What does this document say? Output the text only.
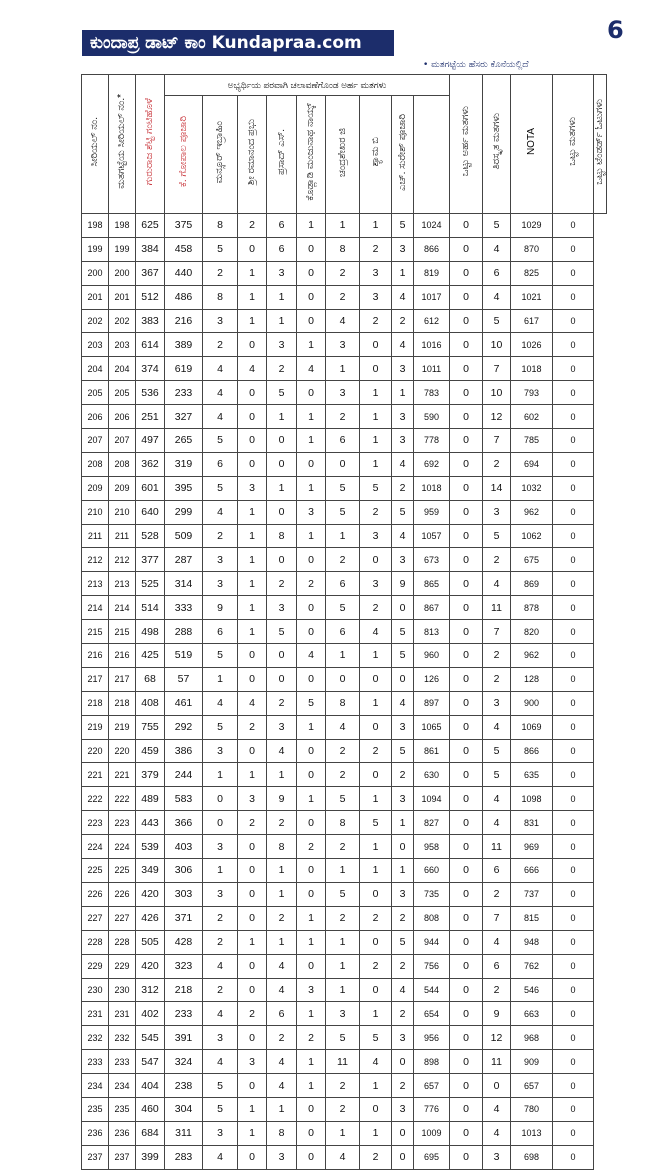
ಕುಂದಾಪ್ರ ಡಾಟ್ ಕಾಂ Kundapraa.com	6
• ಮತಗಟ್ಟೆಯ ಹೆಸರು ಕೊನೆಯಲ್ಲಿದೆ
ಸೀರಿಯಲ್ ನಂ.	ಮತಗಟ್ಟೆಯ ಸೀರಿಯಲ್ ನಂ.*	ಗುರುರಾಜ ಶೆಟ್ಟಿ ಗಂಟಿಹೊಳೆ	ಅಭ್ಯರ್ಥಿಯ ಪರವಾಗಿ ಚಲಾವಣೆಗೊಂಡ ಅರ್ಹ ಮತಗಳು									ಒಟ್ಟು ಅರ್ಹ ಮತಗಳು	ತಿರಸ್ಕೃತ ಮತಗಳು	NOTA	ಒಟ್ಟು ಮತಗಳು	ಒಟ್ಟು ಟೆಂಡರ್ಡ್ ಓಟುಗಳು
			ಕೆ. ಗೋಪಾಲ ಪೂಜಾರಿ	ಮನ್ಸೂರ್ ಇಬ್ರಾಹಿಂ	ಶ್ರೀ ರಮಾನಂದ ಪ್ರಭು	ಪ್ರಸಾದ್ ಎಸ್.	ಕೊಡ್ಲಾಡಿ ಮಂಜುನಾಥ ನಾಯ್ಕ್	ಚಂದ್ರಶೇಖರ ಜಿ	ಶ್ಯಾಮ ಬಿ	ಎಚ್. ಸುರೇಶ್ ಪೂಜಾರಿ						
198	198	625	375	8	2	6	1	1	1	5	1024	0	5	1029	0	
199	199	384	458	5	0	6	0	8	2	3	866	0	4	870	0	
200	200	367	440	2	1	3	0	2	3	1	819	0	6	825	0	
201	201	512	486	8	1	1	0	2	3	4	1017	0	4	1021	0	
202	202	383	216	3	1	1	0	4	2	2	612	0	5	617	0	
203	203	614	389	2	0	3	1	3	0	4	1016	0	10	1026	0	
204	204	374	619	4	4	2	4	1	0	3	1011	0	7	1018	0	
205	205	536	233	4	0	5	0	3	1	1	783	0	10	793	0	
206	206	251	327	4	0	1	1	2	1	3	590	0	12	602	0	
207	207	497	265	5	0	0	1	6	1	3	778	0	7	785	0	
208	208	362	319	6	0	0	0	0	1	4	692	0	2	694	0	
209	209	601	395	5	3	1	1	5	5	2	1018	0	14	1032	0	
210	210	640	299	4	1	0	3	5	2	5	959	0	3	962	0	
211	211	528	509	2	1	8	1	1	3	4	1057	0	5	1062	0	
212	212	377	287	3	1	0	0	2	0	3	673	0	2	675	0	
213	213	525	314	3	1	2	2	6	3	9	865	0	4	869	0	
214	214	514	333	9	1	3	0	5	2	0	867	0	11	878	0	
215	215	498	288	6	1	5	0	6	4	5	813	0	7	820	0	
216	216	425	519	5	0	0	4	1	1	5	960	0	2	962	0	
217	217	68	57	1	0	0	0	0	0	0	126	0	2	128	0	
218	218	408	461	4	4	2	5	8	1	4	897	0	3	900	0	
219	219	755	292	5	2	3	1	4	0	3	1065	0	4	1069	0	
220	220	459	386	3	0	4	0	2	2	5	861	0	5	866	0	
221	221	379	244	1	1	1	0	2	0	2	630	0	5	635	0	
222	222	489	583	0	3	9	1	5	1	3	1094	0	4	1098	0	
223	223	443	366	0	2	2	0	8	5	1	827	0	4	831	0	
224	224	539	403	3	0	8	2	2	1	0	958	0	11	969	0	
225	225	349	306	1	0	1	0	1	1	1	660	0	6	666	0	
226	226	420	303	3	0	1	0	5	0	3	735	0	2	737	0	
227	227	426	371	2	0	2	1	2	2	2	808	0	7	815	0	
228	228	505	428	2	1	1	1	1	0	5	944	0	4	948	0	
229	229	420	323	4	0	4	0	1	2	2	756	0	6	762	0	
230	230	312	218	2	0	4	3	1	0	4	544	0	2	546	0	
231	231	402	233	4	2	6	1	3	1	2	654	0	9	663	0	
232	232	545	391	3	0	2	2	5	5	3	956	0	12	968	0	
233	233	547	324	4	3	4	1	11	4	0	898	0	11	909	0	
234	234	404	238	5	0	4	1	2	1	2	657	0	0	657	0	
235	235	460	304	5	1	1	0	2	0	3	776	0	4	780	0	
236	236	684	311	3	1	8	0	1	1	0	1009	0	4	1013	0	
237	237	399	283	4	0	3	0	4	2	0	695	0	3	698	0	
